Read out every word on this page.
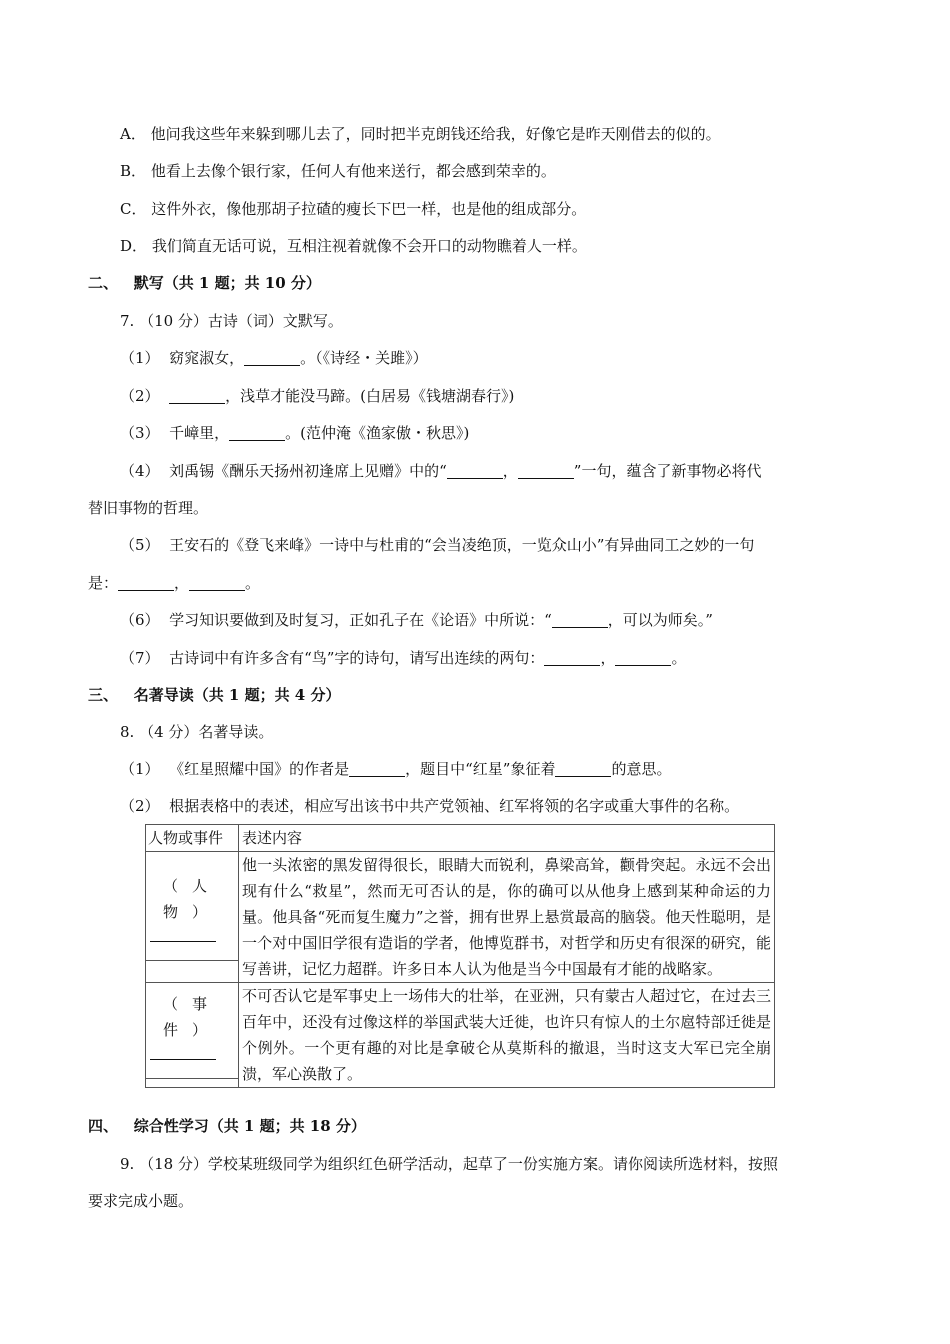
A． 他问我这些年来躲到哪儿去了，同时把半克朗钱还给我，好像它是昨天刚借去的似的。
B． 他看上去像个银行家，任何人有他来送行，都会感到荣幸的。
C． 这件外衣，像他那胡子拉碴的瘦长下巴一样，也是他的组成部分。
D． 我们简直无话可说，互相注视着就像不会开口的动物瞧着人一样。
二、 默写（共 1 题；共 10 分）
7. （10 分）古诗（词）文默写。
（1） 窈窕淑女，	。（《诗经・关雎》）
（2）	，浅草才能没马蹄。(白居易《钱塘湖春行》)
（3） 千嶂里，	。(范仲淹《渔家傲・秋思》)
（4） 刘禹锡《酬乐天扬州初逢席上见赠》中的“	，	”一句，蕴含了新事物必将代
替旧事物的哲理。
（5） 王安石的《登飞来峰》一诗中与杜甫的“会当凌绝顶，一览众山小”有异曲同工之妙的一句
是：	，	。
（6） 学习知识要做到及时复习，正如孔子在《论语》中所说：“	，可以为师矣。”
（7） 古诗词中有许多含有“鸟”字的诗句，请写出连续的两句：	，	。
三、 名著导读（共 1 题；共 4 分）
8. （4 分）名著导读。
（1） 《红星照耀中国》的作者是	，题目中“红星”象征着	的意思。
（2） 根据表格中的表述，相应写出该书中共产党领袖、红军将领的名字或重大事件的名称。
人物或事件	表述内容

（人物）	他一头浓密的黑发留得很长，眼睛大而锐利，鼻梁高耸，颧骨突起。永远不会出现有什么“救星”，然而无可否认的是，你的确可以从他身上感到某种命运的力量。他具备“死而复生魔力”之誉，拥有世界上悬赏最高的脑袋。他天性聪明，是一个对中国旧学很有造诣的学者，他博览群书，对哲学和历史有很深的研究，能写善讲，记忆力超群。许多日本人认为他是当今中国最有才能的战略家。

（事件）	不可否认它是军事史上一场伟大的壮举，在亚洲，只有蒙古人超过它，在过去三百年中，还没有过像这样的举国武装大迁徙，也许只有惊人的土尔扈特部迁徙是个例外。一个更有趣的对比是拿破仑从莫斯科的撤退，当时这支大军已完全崩溃，军心涣散了。
四、 综合性学习（共 1 题；共 18 分）
9. （18 分）学校某班级同学为组织红色研学活动，起草了一份实施方案。请你阅读所选材料，按照
要求完成小题。
